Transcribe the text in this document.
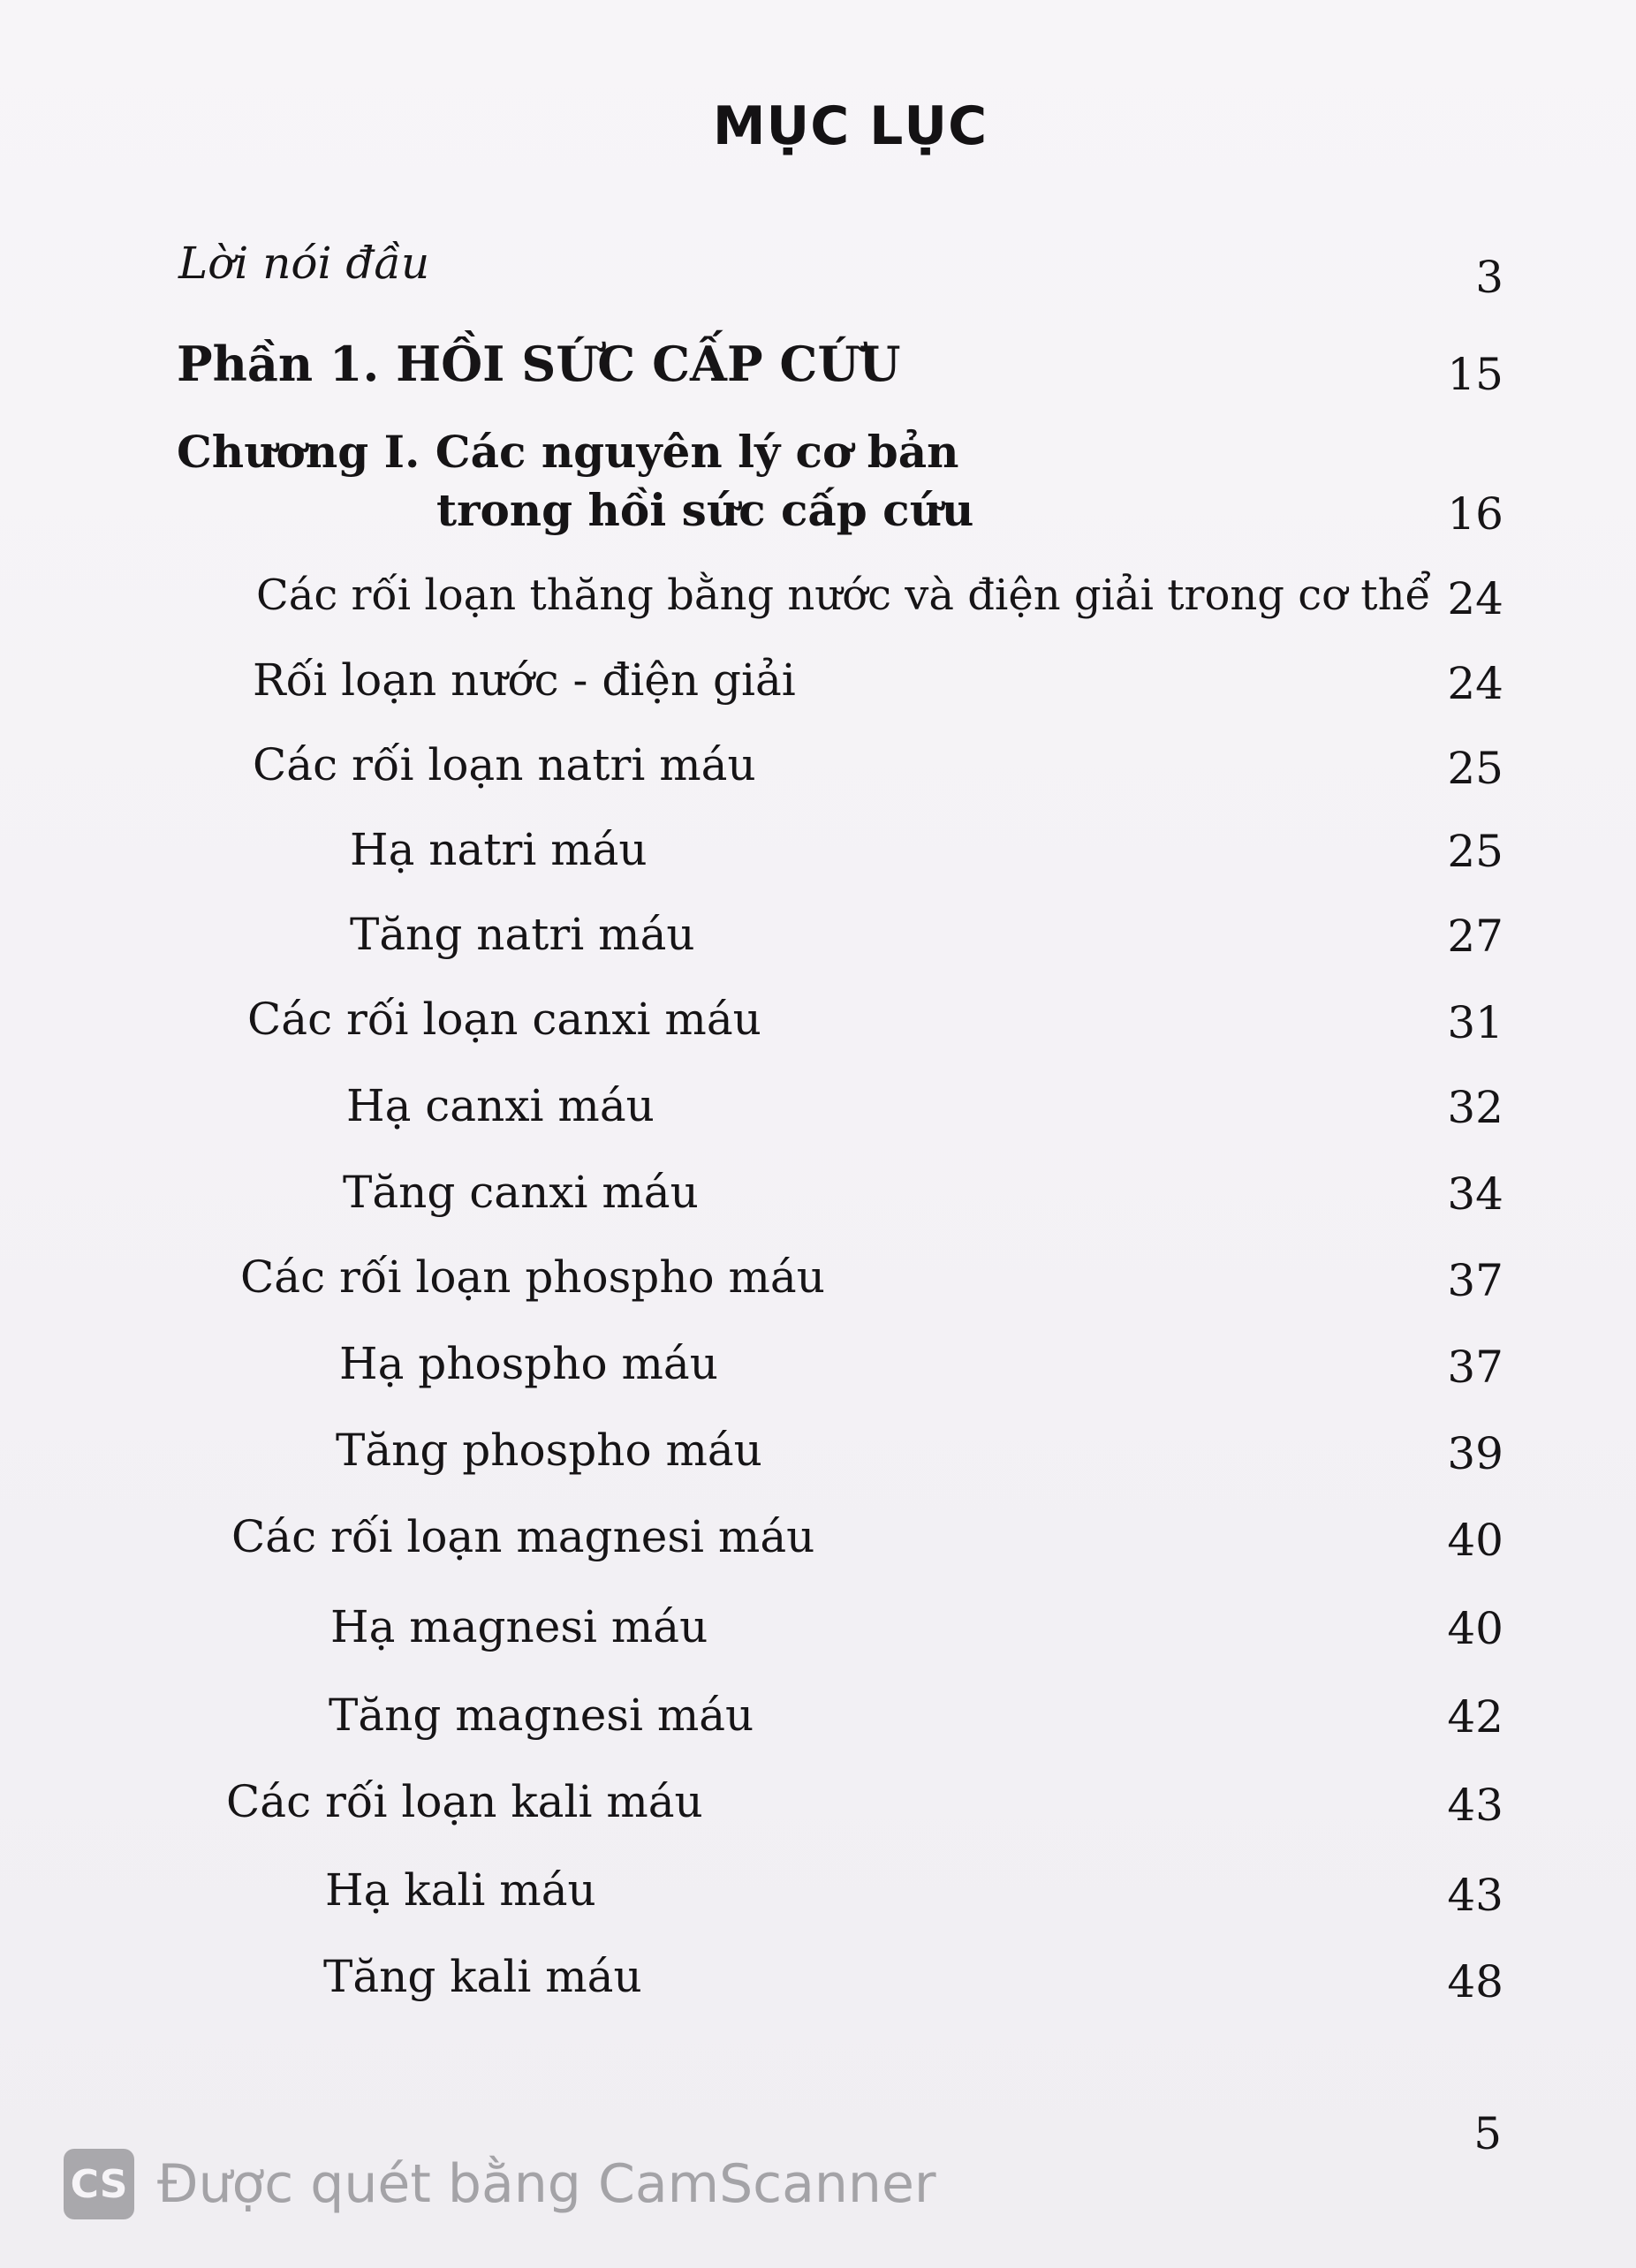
MỤC LỤC
Lời nói đầu	3
Phần 1. HỒI SỨC CẤP CỨU	15
Chương I. Các nguyên lý cơ bản
trong hồi sức cấp cứu	16
Các rối loạn thăng bằng nước và điện giải trong cơ thể 24
Rối loạn nước - điện giải	24
Các rối loạn natri máu	25
Hạ natri máu	25
Tăng natri máu	27
Các rối loạn canxi máu	31
Hạ canxi máu	32
Tăng canxi máu	34
Các rối loạn phospho máu	37
Hạ phospho máu	37
Tăng phospho máu	39
Các rối loạn magnesi máu	40
Hạ magnesi máu	40
Tăng magnesi máu	42
Các rối loạn kali máu	43
Hạ kali máu	43
Tăng kali máu	48
5
CS Được quét bằng CamScanner
